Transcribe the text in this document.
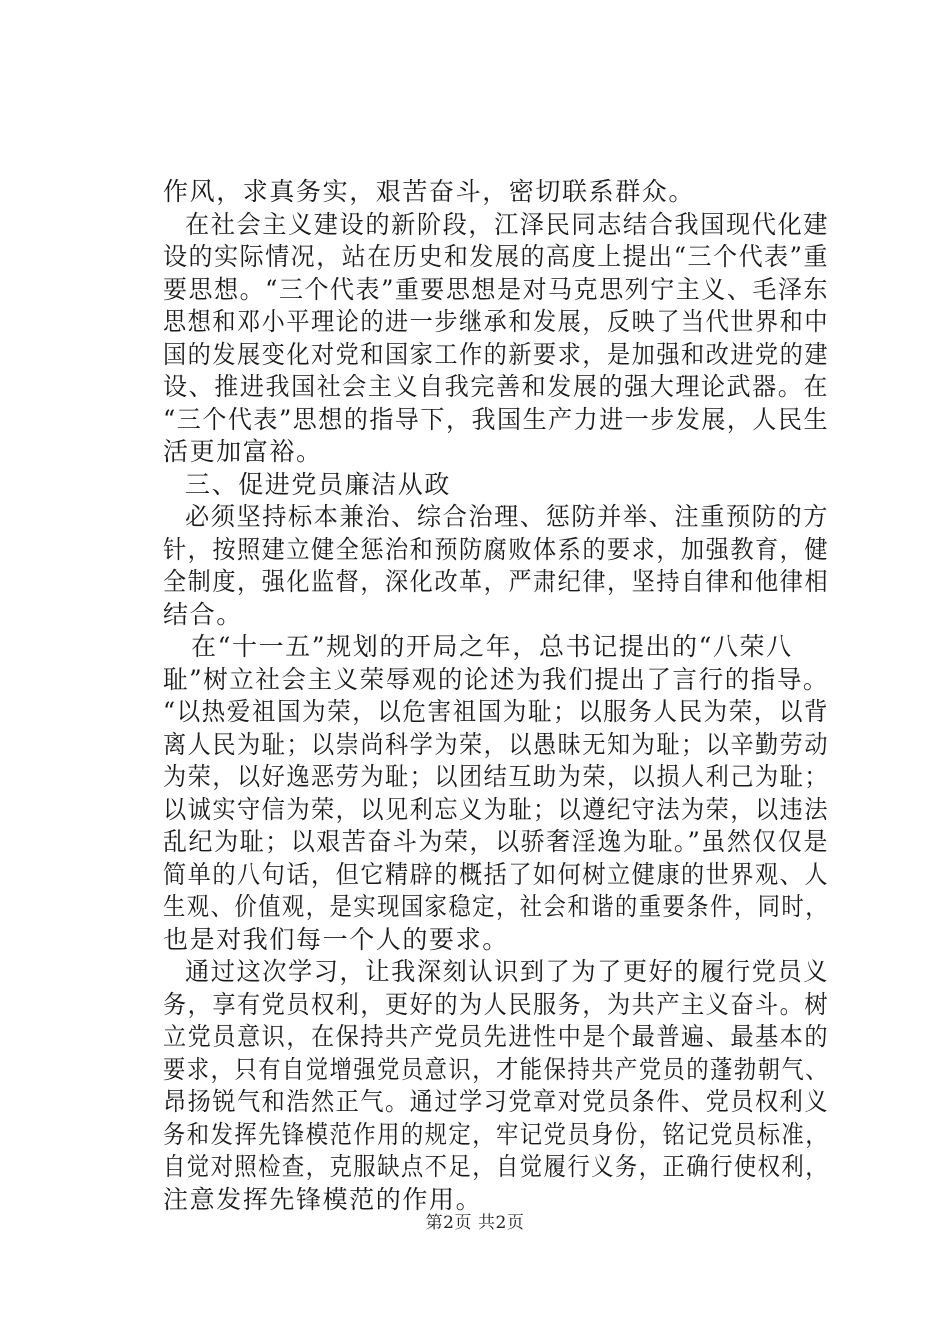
作风，求真务实，艰苦奋斗，密切联系群众。
在社会主义建设的新阶段，江泽民同志结合我国现代化建
设的实际情况，站在历史和发展的高度上提出“三个代表”重
要思想。“三个代表”重要思想是对马克思列宁主义、毛泽东
思想和邓小平理论的进一步继承和发展，反映了当代世界和中
国的发展变化对党和国家工作的新要求，是加强和改进党的建
设、推进我国社会主义自我完善和发展的强大理论武器。在
“三个代表”思想的指导下，我国生产力进一步发展，人民生
活更加富裕。
三、促进党员廉洁从政
必须坚持标本兼治、综合治理、惩防并举、注重预防的方
针，按照建立健全惩治和预防腐败体系的要求，加强教育，健
全制度，强化监督，深化改革，严肃纪律，坚持自律和他律相
结合。
在“十一五”规划的开局之年，总书记提出的“八荣八
耻”树立社会主义荣辱观的论述为我们提出了言行的指导。
“以热爱祖国为荣，以危害祖国为耻；以服务人民为荣，以背
离人民为耻；以崇尚科学为荣，以愚昧无知为耻；以辛勤劳动
为荣，以好逸恶劳为耻；以团结互助为荣，以损人利己为耻；
以诚实守信为荣，以见利忘义为耻；以遵纪守法为荣，以违法
乱纪为耻；以艰苦奋斗为荣，以骄奢淫逸为耻。”虽然仅仅是
简单的八句话，但它精辟的概括了如何树立健康的世界观、人
生观、价值观，是实现国家稳定，社会和谐的重要条件，同时，
也是对我们每一个人的要求。
通过这次学习，让我深刻认识到了为了更好的履行党员义
务，享有党员权利，更好的为人民服务，为共产主义奋斗。树
立党员意识，在保持共产党员先进性中是个最普遍、最基本的
要求，只有自觉增强党员意识，才能保持共产党员的蓬勃朝气、
昂扬锐气和浩然正气。通过学习党章对党员条件、党员权利义
务和发挥先锋模范作用的规定，牢记党员身份，铭记党员标准，
自觉对照检查，克服缺点不足，自觉履行义务，正确行使权利，
注意发挥先锋模范的作用。
第2页 共2页
